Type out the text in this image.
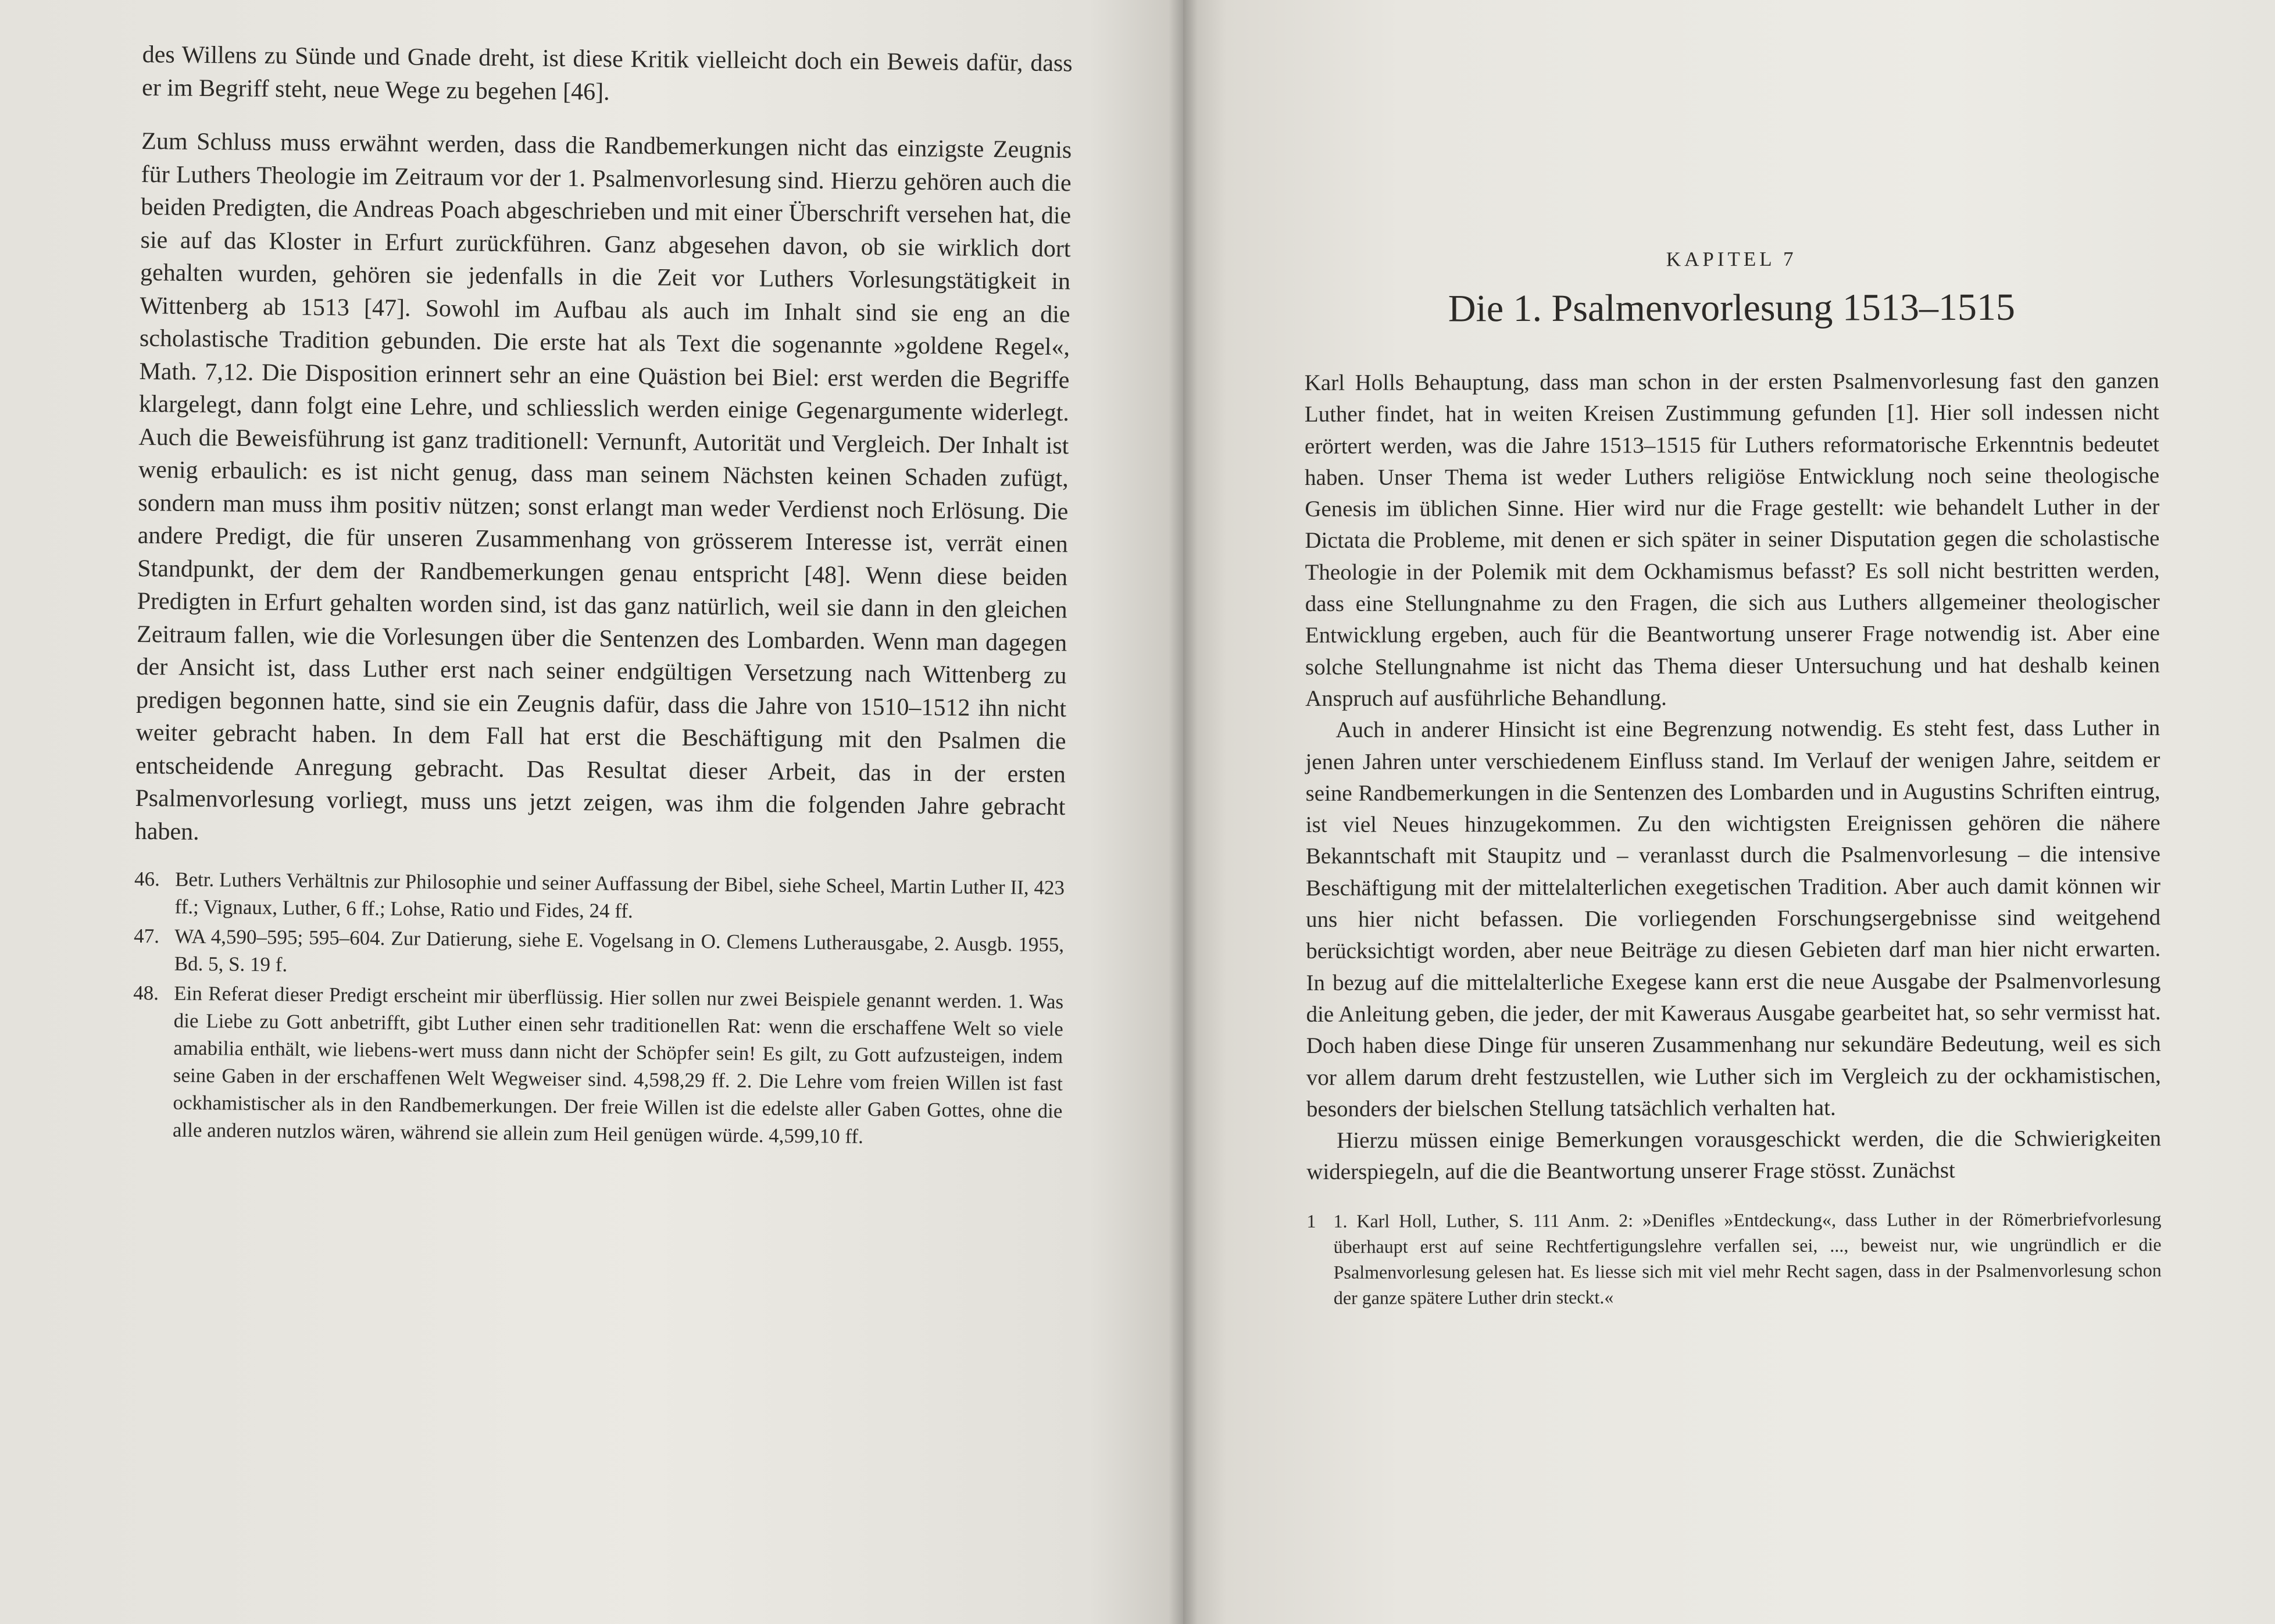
des Willens zu Sünde und Gnade dreht, ist diese Kritik vielleicht doch ein Beweis dafür, dass er im Begriff steht, neue Wege zu begehen [46].

Zum Schluss muss erwähnt werden, dass die Randbemerkungen nicht das einzigste Zeugnis für Luthers Theologie im Zeitraum vor der 1. Psalmenvorlesung sind. Hierzu gehören auch die beiden Predigten, die Andreas Poach abgeschrieben und mit einer Überschrift versehen hat, die sie auf das Kloster in Erfurt zurückführen. Ganz abgesehen davon, ob sie wirklich dort gehalten wurden, gehören sie jedenfalls in die Zeit vor Luthers Vorlesungstätigkeit in Wittenberg ab 1513 [47]. Sowohl im Aufbau als auch im Inhalt sind sie eng an die scholastische Tradition gebunden. Die erste hat als Text die sogenannte »goldene Regel«, Math. 7,12. Die Disposition erinnert sehr an eine Quästion bei Biel: erst werden die Begriffe klargelegt, dann folgt eine Lehre, und schliesslich werden einige Gegenargumente widerlegt. Auch die Beweisführung ist ganz traditionell: Vernunft, Autorität und Vergleich. Der Inhalt ist wenig erbaulich: es ist nicht genug, dass man seinem Nächsten keinen Schaden zufügt, sondern man muss ihm positiv nützen; sonst erlangt man weder Verdienst noch Erlösung. Die andere Predigt, die für unseren Zusammenhang von grösserem Interesse ist, verrät einen Standpunkt, der dem der Randbemerkungen genau entspricht [48]. Wenn diese beiden Predigten in Erfurt gehalten worden sind, ist das ganz natürlich, weil sie dann in den gleichen Zeitraum fallen, wie die Vorlesungen über die Sentenzen des Lombarden. Wenn man dagegen der Ansicht ist, dass Luther erst nach seiner endgültigen Versetzung nach Wittenberg zu predigen begonnen hatte, sind sie ein Zeugnis dafür, dass die Jahre von 1510–1512 ihn nicht weiter gebracht haben. In dem Fall hat erst die Beschäftigung mit den Psalmen die entscheidende Anregung gebracht. Das Resultat dieser Arbeit, das in der ersten Psalmenvorlesung vorliegt, muss uns jetzt zeigen, was ihm die folgenden Jahre gebracht haben.

46. Betr. Luthers Verhältnis zur Philosophie und seiner Auffassung der Bibel, siehe Scheel, Martin Luther II, 423 ff.; Vignaux, Luther, 6 ff.; Lohse, Ratio und Fides, 24 ff.
47. WA 4,590–595; 595–604. Zur Datierung, siehe E. Vogelsang in O. Clemens Lutherausgabe, 2. Ausgb. 1955, Bd. 5, S. 19 f.
48. Ein Referat dieser Predigt erscheint mir überflüssig. Hier sollen nur zwei Beispiele genannt werden. 1. Was die Liebe zu Gott anbetrifft, gibt Luther einen sehr traditionellen Rat: wenn die erschaffene Welt so viele amabilia enthält, wie liebens-wert muss dann nicht der Schöpfer sein! Es gilt, zu Gott aufzusteigen, indem seine Gaben in der erschaffenen Welt Wegweiser sind. 4,598,29 ff. 2. Die Lehre vom freien Willen ist fast ockhamistischer als in den Randbemerkungen. Der freie Willen ist die edelste aller Gaben Gottes, ohne die alle anderen nutzlos wären, während sie allein zum Heil genügen würde. 4,599,10 ff.
KAPITEL 7
Die 1. Psalmenvorlesung 1513–1515

Karl Holls Behauptung, dass man schon in der ersten Psalmenvorlesung fast den ganzen Luther findet, hat in weiten Kreisen Zustimmung gefunden [1]. Hier soll indessen nicht erörtert werden, was die Jahre 1513–1515 für Luthers reformatorische Erkenntnis bedeutet haben. Unser Thema ist weder Luthers religiöse Entwicklung noch seine theologische Genesis im üblichen Sinne. Hier wird nur die Frage gestellt: wie behandelt Luther in der Dictata die Probleme, mit denen er sich später in seiner Disputation gegen die scholastische Theologie in der Polemik mit dem Ockhamismus befasst? Es soll nicht bestritten werden, dass eine Stellungnahme zu den Fragen, die sich aus Luthers allgemeiner theologischer Entwicklung ergeben, auch für die Beantwortung unserer Frage notwendig ist. Aber eine solche Stellungnahme ist nicht das Thema dieser Untersuchung und hat deshalb keinen Anspruch auf ausführliche Behandlung.

Auch in anderer Hinsicht ist eine Begrenzung notwendig. Es steht fest, dass Luther in jenen Jahren unter verschiedenem Einfluss stand. Im Verlauf der wenigen Jahre, seitdem er seine Randbemerkungen in die Sentenzen des Lombarden und in Augustins Schriften eintrug, ist viel Neues hinzugekommen. Zu den wichtigsten Ereignissen gehören die nähere Bekanntschaft mit Staupitz und – veranlasst durch die Psalmenvorlesung – die intensive Beschäftigung mit der mittelalterlichen exegetischen Tradition. Aber auch damit können wir uns hier nicht befassen. Die vorliegenden Forschungsergebnisse sind weitgehend berücksichtigt worden, aber neue Beiträge zu diesen Gebieten darf man hier nicht erwarten. In bezug auf die mittelalterliche Exegese kann erst die neue Ausgabe der Psalmenvorlesung die Anleitung geben, die jeder, der mit Kaweraus Ausgabe gearbeitet hat, so sehr vermisst hat. Doch haben diese Dinge für unseren Zusammenhang nur sekundäre Bedeutung, weil es sich vor allem darum dreht festzustellen, wie Luther sich im Vergleich zu der ockhamistischen, besonders der bielschen Stellung tatsächlich verhalten hat.

Hierzu müssen einige Bemerkungen vorausgeschickt werden, die die Schwierigkeiten widerspiegeln, auf die die Beantwortung unserer Frage stösst. Zunächst

1 1. Karl Holl, Luther, S. 111 Anm. 2: »Denifles »Entdeckung«, dass Luther in der Römerbriefvorlesung überhaupt erst auf seine Rechtfertigungslehre verfallen sei, ..., beweist nur, wie ungründlich er die Psalmenvorlesung gelesen hat. Es liesse sich mit viel mehr Recht sagen, dass in der Psalmenvorlesung schon der ganze spätere Luther drin steckt.«
